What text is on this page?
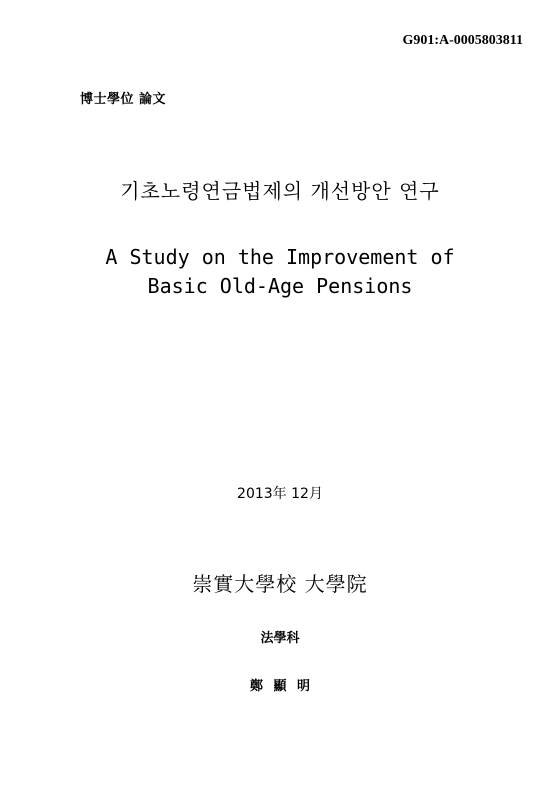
G901:A-0005803811
博士學位 論文
기초노령연금법제의 개선방안 연구
A Study on the Improvement of
Basic Old-Age Pensions
2013年 12月
崇實大學校 大學院
法學科
鄭 顯 明
